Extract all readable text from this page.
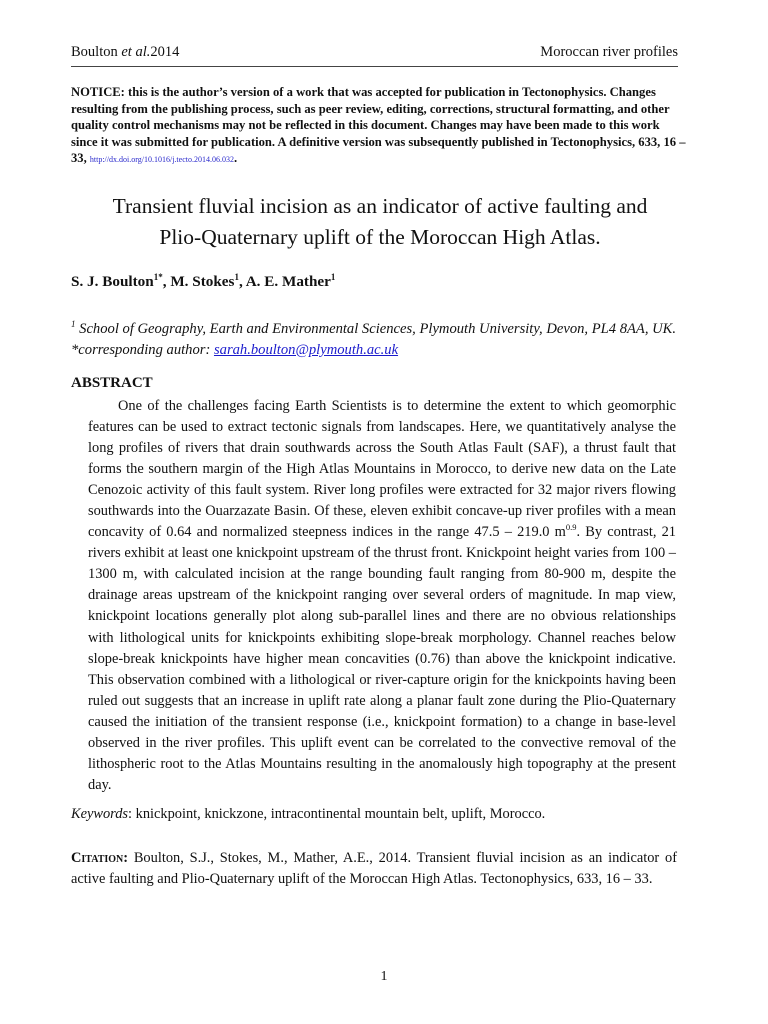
Boulton et al.2014	Moroccan river profiles
NOTICE: this is the author’s version of a work that was accepted for publication in Tectonophysics. Changes resulting from the publishing process, such as peer review, editing, corrections, structural formatting, and other quality control mechanisms may not be reflected in this document. Changes may have been made to this work since it was submitted for publication. A definitive version was subsequently published in Tectonophysics, 633, 16 – 33, http://dx.doi.org/10.1016/j.tecto.2014.06.032.
Transient fluvial incision as an indicator of active faulting and
Plio-Quaternary uplift of the Moroccan High Atlas.
S. J. Boulton$^{1*}$, M. Stokes$^1$, A. E. Mather$^1$
$^1$ School of Geography, Earth and Environmental Sciences, Plymouth University, Devon, PL4 8AA, UK. *corresponding author: sarah.boulton@plymouth.ac.uk
ABSTRACT
One of the challenges facing Earth Scientists is to determine the extent to which geomorphic features can be used to extract tectonic signals from landscapes. Here, we quantitatively analyse the long profiles of rivers that drain southwards across the South Atlas Fault (SAF), a thrust fault that forms the southern margin of the High Atlas Mountains in Morocco, to derive new data on the Late Cenozoic activity of this fault system. River long profiles were extracted for 32 major rivers flowing southwards into the Ouarzazate Basin. Of these, eleven exhibit concave-up river profiles with a mean concavity of 0.64 and normalized steepness indices in the range 47.5 – 219.0 $m^{0.9}$. By contrast, 21 rivers exhibit at least one knickpoint upstream of the thrust front. Knickpoint height varies from 100 – 1300 m, with calculated incision at the range bounding fault ranging from 80-900 m, despite the drainage areas upstream of the knickpoint ranging over several orders of magnitude. In map view, knickpoint locations generally plot along sub-parallel lines and there are no obvious relationships with lithological units for knickpoints exhibiting slope-break morphology. Channel reaches below slope-break knickpoints have higher mean concavities (0.76) than above the knickpoint indicative. This observation combined with a lithological or river-capture origin for the knickpoints having been ruled out suggests that an increase in uplift rate along a planar fault zone during the Plio-Quaternary caused the initiation of the transient response (i.e., knickpoint formation) to a change in base-level observed in the river profiles. This uplift event can be correlated to the convective removal of the lithospheric root to the Atlas Mountains resulting in the anomalously high topography at the present day.
Keywords: knickpoint, knickzone, intracontinental mountain belt, uplift, Morocco.
Citation: Boulton, S.J., Stokes, M., Mather, A.E., 2014. Transient fluvial incision as an indicator of active faulting and Plio-Quaternary uplift of the Moroccan High Atlas. Tectonophysics, 633, 16 – 33.
1
